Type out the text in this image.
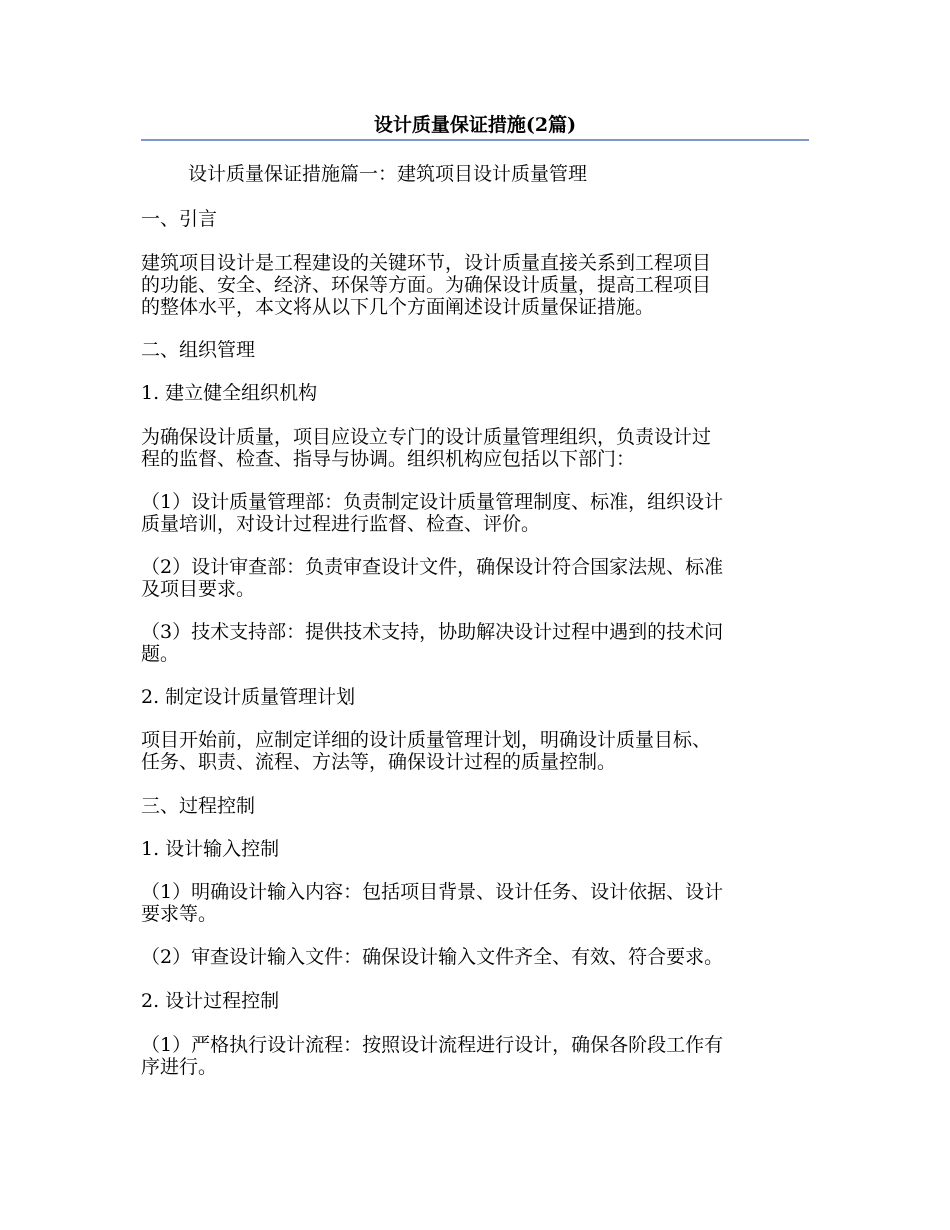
设计质量保证措施(2篇)

设计质量保证措施篇一：建筑项目设计质量管理

一、引言

建筑项目设计是工程建设的关键环节，设计质量直接关系到工程项目
的功能、安全、经济、环保等方面。为确保设计质量，提高工程项目
的整体水平，本文将从以下几个方面阐述设计质量保证措施。

二、组织管理

1. 建立健全组织机构

为确保设计质量，项目应设立专门的设计质量管理组织，负责设计过
程的监督、检查、指导与协调。组织机构应包括以下部门：

（1）设计质量管理部：负责制定设计质量管理制度、标准，组织设计
质量培训，对设计过程进行监督、检查、评价。

（2）设计审查部：负责审查设计文件，确保设计符合国家法规、标准
及项目要求。

（3）技术支持部：提供技术支持，协助解决设计过程中遇到的技术问
题。

2. 制定设计质量管理计划

项目开始前，应制定详细的设计质量管理计划，明确设计质量目标、
任务、职责、流程、方法等，确保设计过程的质量控制。

三、过程控制

1. 设计输入控制

（1）明确设计输入内容：包括项目背景、设计任务、设计依据、设计
要求等。

（2）审查设计输入文件：确保设计输入文件齐全、有效、符合要求。

2. 设计过程控制

（1）严格执行设计流程：按照设计流程进行设计，确保各阶段工作有
序进行。
